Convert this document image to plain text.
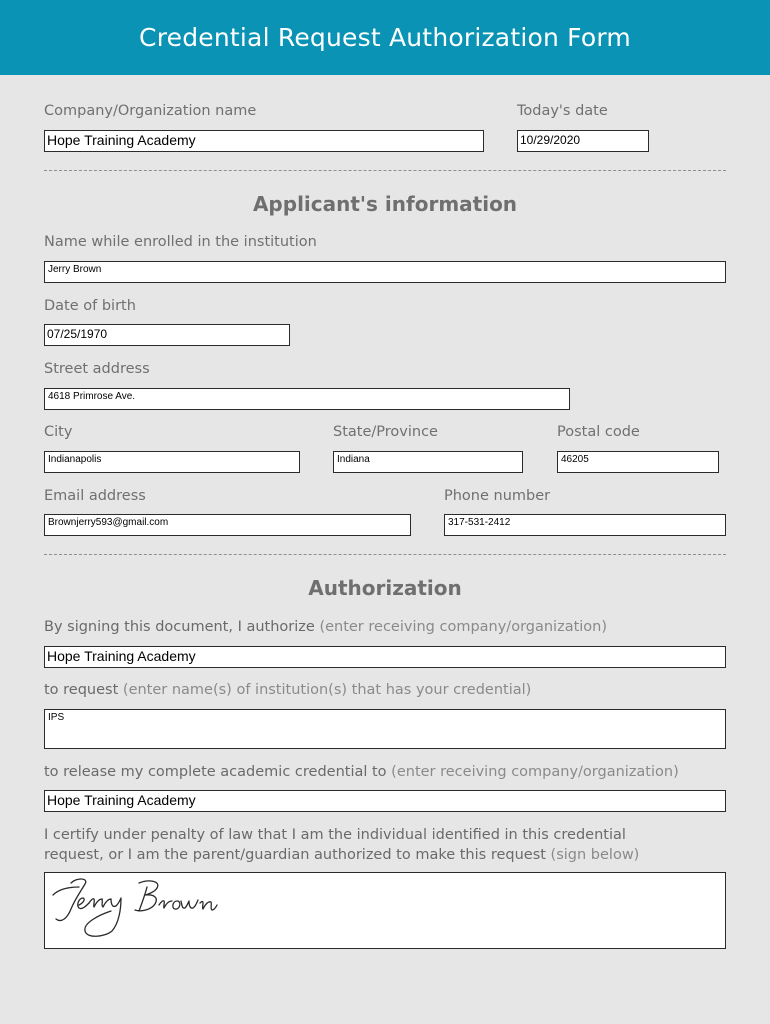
Credential Request Authorization Form
Company/Organization name
Hope Training Academy
Today's date
10/29/2020
Applicant's information
Name while enrolled in the institution
Jerry Brown
Date of birth
07/25/1970
Street address
4618 Primrose Ave.
City
Indianapolis
State/Province
Indiana
Postal code
46205
Email address
Brownjerry593@gmail.com
Phone number
317-531-2412
Authorization
By signing this document, I authorize (enter receiving company/organization)
Hope Training Academy
to request (enter name(s) of institution(s) that has your credential)
IPS
to release my complete academic credential to (enter receiving company/organization)
Hope Training Academy
I certify under penalty of law that I am the individual identified in this credential
request, or I am the parent/guardian authorized to make this request (sign below)
